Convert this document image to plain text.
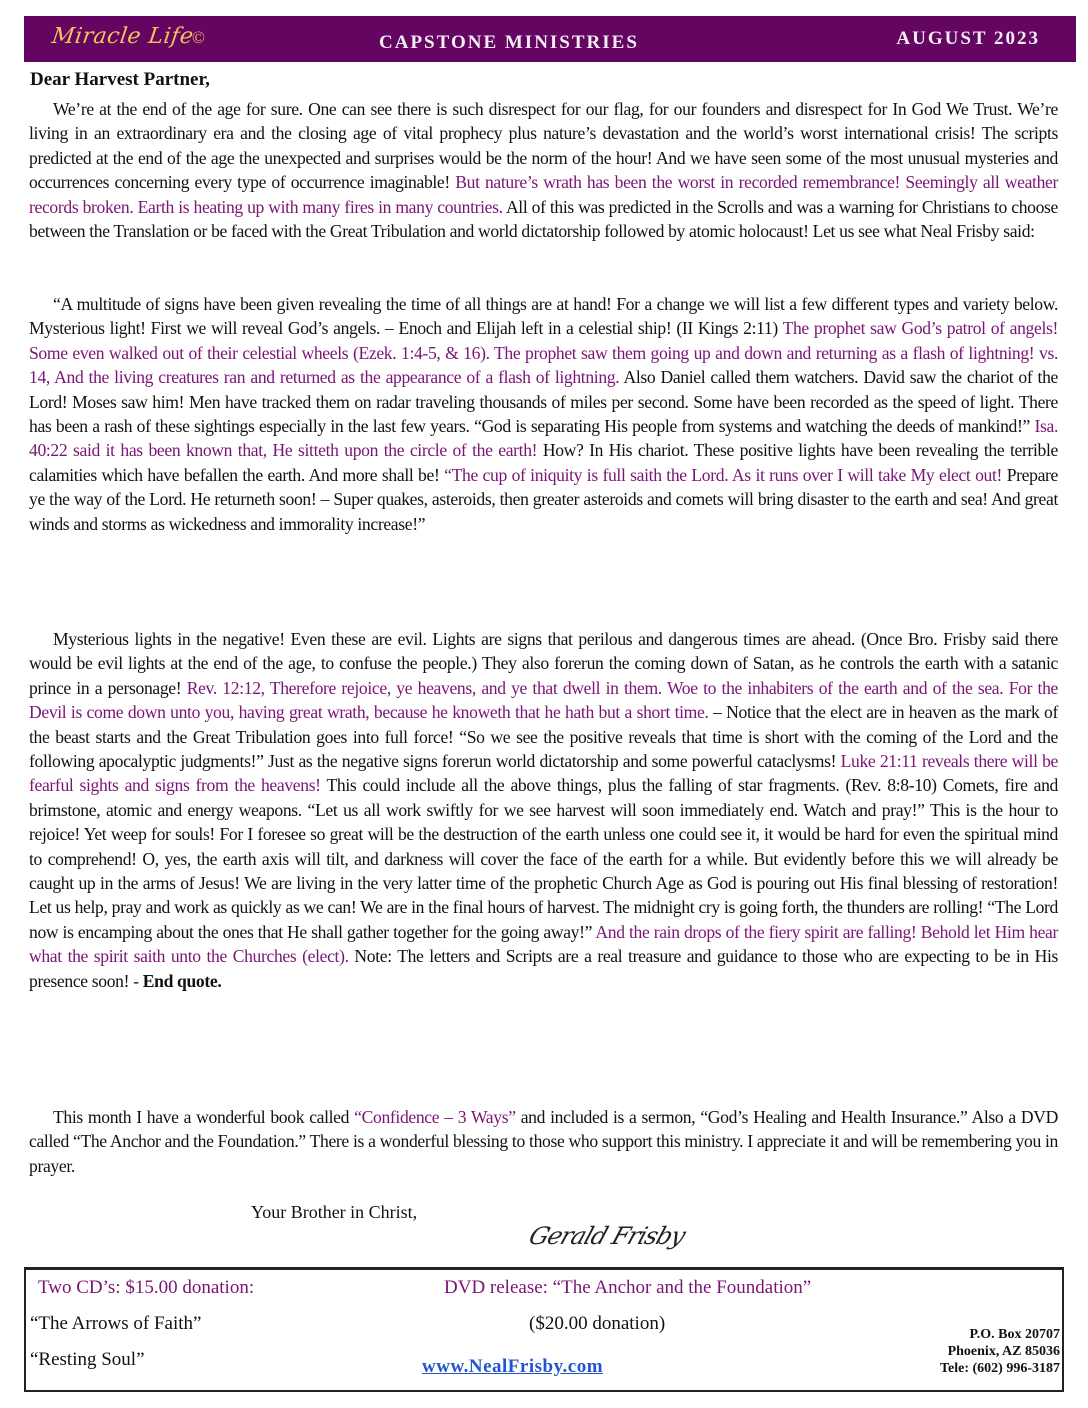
Miracle Life
©	CAPSTONE MINISTRIES	AUGUST 2023
Dear Harvest Partner,

We’re at the end of the age for sure. One can see there is such disrespect for our flag, for our founders and disrespect for In God We Trust. We’re living in an extraordinary era and the closing age of vital prophecy plus nature’s devastation and the world’s worst international crisis! The scripts predicted at the end of the age the unexpected and surprises would be the norm of the hour! And we have seen some of the most unusual mysteries and occurrences concerning every type of occurrence imaginable! But nature’s wrath has been the worst in recorded remembrance! Seemingly all weather records broken. Earth is heating up with many fires in many countries. All of this was predicted in the Scrolls and was a warning for Christians to choose between the Translation or be faced with the Great Tribulation and world dictatorship followed by atomic holocaust! Let us see what Neal Frisby said:

“A multitude of signs have been given revealing the time of all things are at hand! For a change we will list a few different types and variety below. Mysterious light! First we will reveal God’s angels. – Enoch and Elijah left in a celestial ship! (II Kings 2:11) The prophet saw God’s patrol of angels! Some even walked out of their celestial wheels (Ezek. 1:4-5, & 16). The prophet saw them going up and down and returning as a flash of lightning! vs. 14, And the living creatures ran and returned as the appearance of a flash of lightning. Also Daniel called them watchers. David saw the chariot of the Lord! Moses saw him! Men have tracked them on radar traveling thousands of miles per second. Some have been recorded as the speed of light. There has been a rash of these sightings especially in the last few years. “God is separating His people from systems and watching the deeds of mankind!” Isa. 40:22 said it has been known that, He sitteth upon the circle of the earth! How? In His chariot. These positive lights have been revealing the terrible calamities which have befallen the earth. And more shall be! “The cup of iniquity is full saith the Lord. As it runs over I will take My elect out! Prepare ye the way of the Lord. He returneth soon! – Super quakes, asteroids, then greater asteroids and comets will bring disaster to the earth and sea! And great winds and storms as wickedness and immorality increase!”

Mysterious lights in the negative! Even these are evil. Lights are signs that perilous and dangerous times are ahead. (Once Bro. Frisby said there would be evil lights at the end of the age, to confuse the people.) They also forerun the coming down of Satan, as he controls the earth with a satanic prince in a personage! Rev. 12:12, Therefore rejoice, ye heavens, and ye that dwell in them. Woe to the inhabiters of the earth and of the sea. For the Devil is come down unto you, having great wrath, because he knoweth that he hath but a short time. – Notice that the elect are in heaven as the mark of the beast starts and the Great Tribulation goes into full force! “So we see the positive reveals that time is short with the coming of the Lord and the following apocalyptic judgments!” Just as the negative signs forerun world dictatorship and some powerful cataclysms! Luke 21:11 reveals there will be fearful sights and signs from the heavens! This could include all the above things, plus the falling of star fragments. (Rev. 8:8-10) Comets, fire and brimstone, atomic and energy weapons. “Let us all work swiftly for we see harvest will soon immediately end. Watch and pray!” This is the hour to rejoice! Yet weep for souls! For I foresee so great will be the destruction of the earth unless one could see it, it would be hard for even the spiritual mind to comprehend! O, yes, the earth axis will tilt, and darkness will cover the face of the earth for a while. But evidently before this we will already be caught up in the arms of Jesus! We are living in the very latter time of the prophetic Church Age as God is pouring out His final blessing of restoration! Let us help, pray and work as quickly as we can! We are in the final hours of harvest. The midnight cry is going forth, the thunders are rolling! “The Lord now is encamping about the ones that He shall gather together for the going away!” And the rain drops of the fiery spirit are falling! Behold let Him hear what the spirit saith unto the Churches (elect). Note: The letters and Scripts are a real treasure and guidance to those who are expecting to be in His presence soon! - End quote.

This month I have a wonderful book called “Confidence – 3 Ways” and included is a sermon, “God’s Healing and Health Insurance.” Also a DVD called “The Anchor and the Foundation.” There is a wonderful blessing to those who support this ministry. I appreciate it and will be remembering you in prayer.

Your Brother in Christ,
Gerald Frisby
Two CD’s: $15.00 donation:
“The Arrows of Faith”
“Resting Soul”
DVD release: “The Anchor and the Foundation”
($20.00 donation)
www.NealFrisby.com
P.O. Box 20707
Phoenix, AZ 85036
Tele: (602) 996-3187
